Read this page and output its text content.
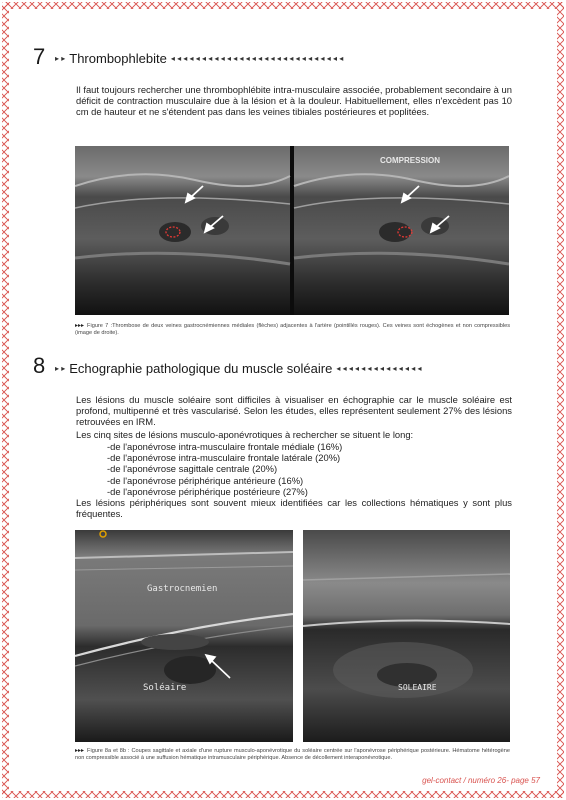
7 ▸ ▸ Thrombophlebite ◂ ◂ ◂ ◂ ◂ ◂ ◂ ◂ ◂ ◂ ◂ ◂ ◂ ◂ ◂ ◂ ◂ ◂ ◂ ◂ ◂ ◂ ◂ ◂ ◂ ◂ ◂ ◂
Il faut toujours rechercher une thrombophlébite intra-musculaire associée, probablement secondaire à un déficit de contraction musculaire due à la lésion et à la douleur. Habituellement, elles n'excèdent pas 10 cm de hauteur et ne s'étendent pas dans les veines tibiales postérieures et poplitées.
COMPRESSION
▸▸▸ Figure 7 :Thrombose de deux veines gastrocnémiennes médiales (flèches) adjacentes à l'artère (pointillés rouges). Ces veines sont échogènes et non compressibles (image de droite).
8 ▸ ▸ Echographie pathologique du muscle soléaire ◂ ◂ ◂ ◂ ◂ ◂ ◂ ◂ ◂ ◂ ◂ ◂ ◂ ◂
Les lésions du muscle soléaire sont difficiles à visualiser en échographie car le muscle soléaire est profond, multipenné et très vascularisé. Selon les études, elles représentent seulement 27% des lésions retrouvées en IRM.
Les cinq sites de lésions musculo-aponévrotiques à rechercher se situent le long:
-de l'aponévrose intra-musculaire frontale médiale (16%)
-de l'aponévrose intra-musculaire frontale latérale (20%)
-de l'aponévrose sagittale centrale (20%)
-de l'aponévrose périphérique antérieure (16%)
-de l'aponévrose périphérique postérieure (27%)
Les lésions périphériques sont souvent mieux identifiées car les collections hématiques y sont plus fréquentes.
Gastrocnemien
Soléaire	SOLEAIRE
▸▸▸ Figure 8a et 8b : Coupes sagittale et axiale d'une rupture musculo-aponévrotique du soléaire centrée sur l'aponévrose périphérique postérieure. Hématome hétérogène non compressible associé à une suffusion hématique intramusculaire périphérique. Absence de décollement interaponévrotique.
gel-contact / numéro 26- page 57
